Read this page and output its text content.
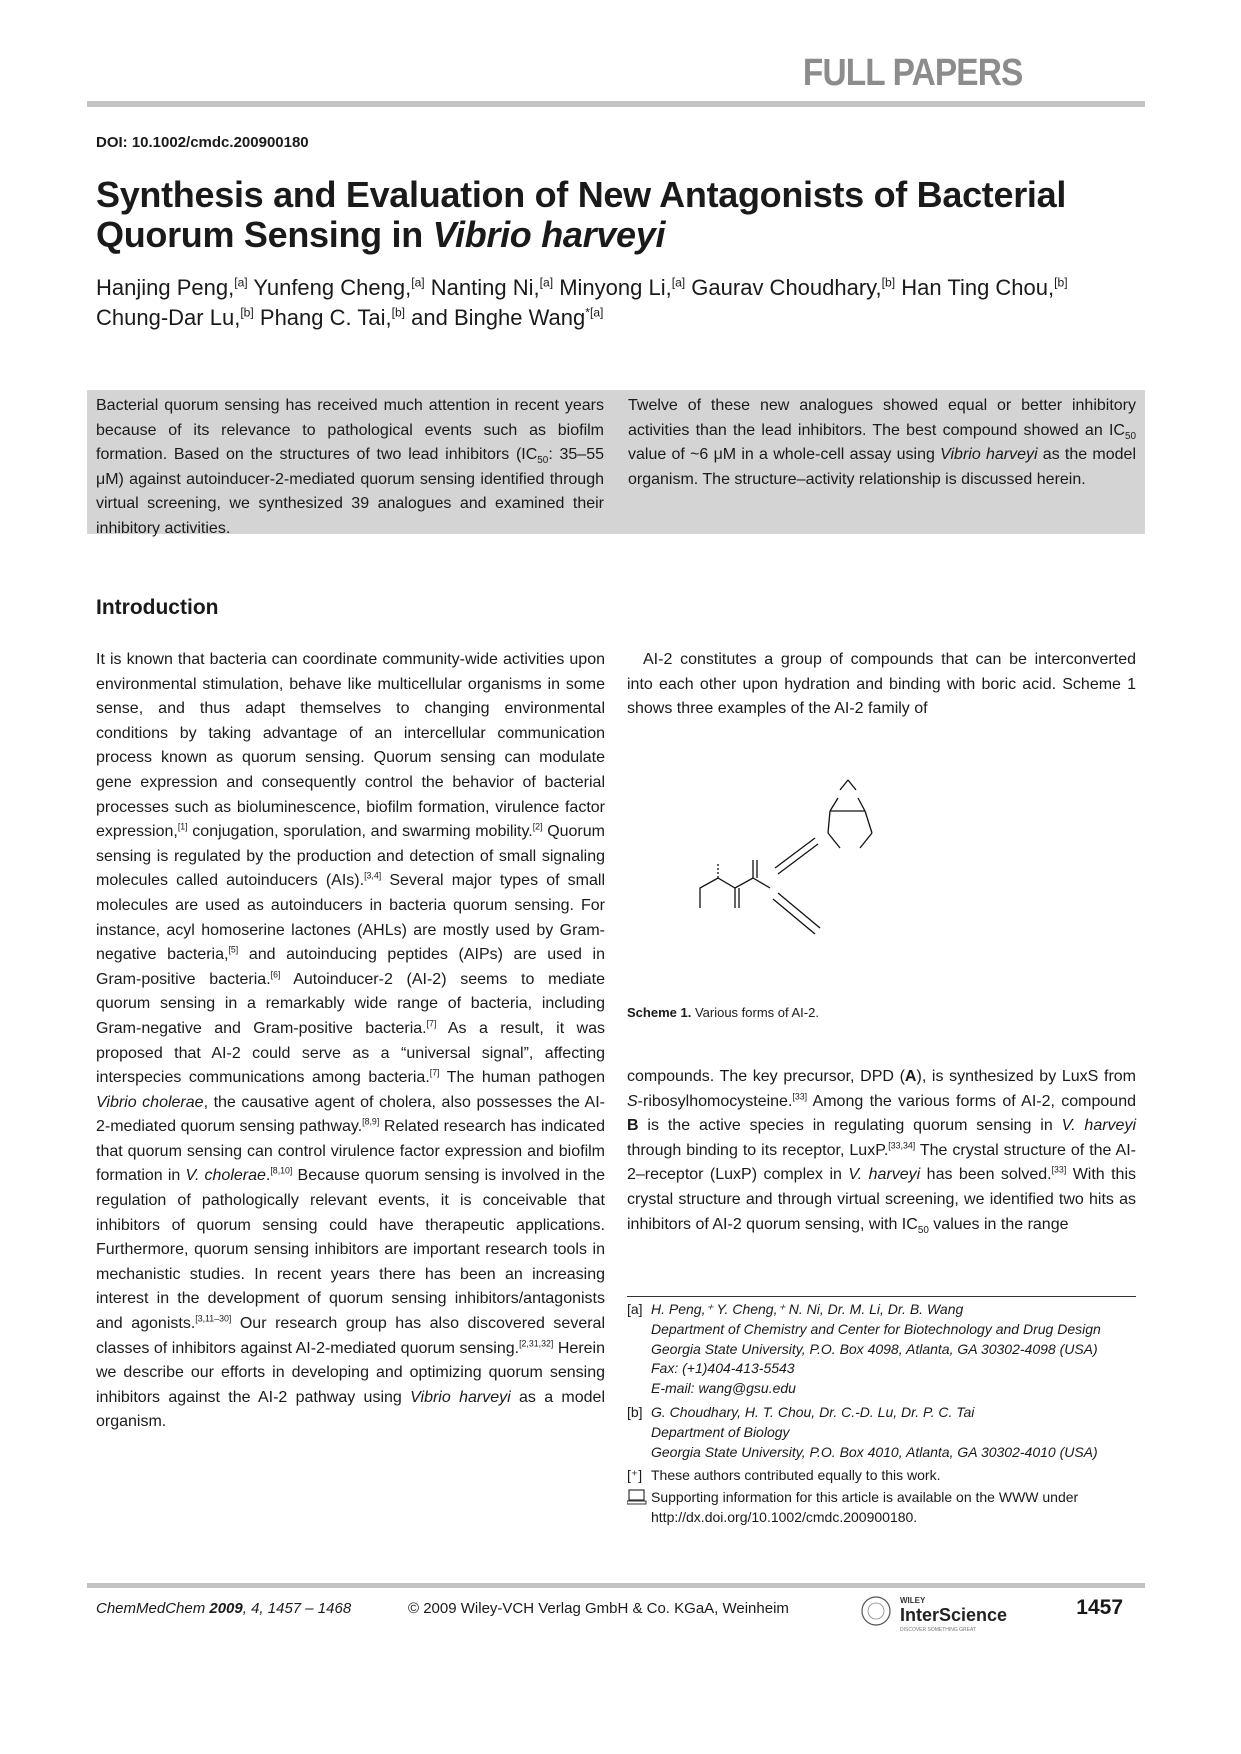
FULL PAPERS
DOI: 10.1002/cmdc.200900180
Synthesis and Evaluation of New Antagonists of Bacterial Quorum Sensing in Vibrio harveyi
Hanjing Peng,[a] Yunfeng Cheng,[a] Nanting Ni,[a] Minyong Li,[a] Gaurav Choudhary,[b] Han Ting Chou,[b] Chung-Dar Lu,[b] Phang C. Tai,[b] and Binghe Wang$^{*[a]}$
Bacterial quorum sensing has received much attention in recent years because of its relevance to pathological events such as biofilm formation. Based on the structures of two lead inhibitors ($IC_{50}$: 35–55 μM) against autoinducer-2-mediated quorum sensing identified through virtual screening, we synthesized 39 analogues and examined their inhibitory activities.
Twelve of these new analogues showed equal or better inhibitory activities than the lead inhibitors. The best compound showed an $IC_{50}$ value of ~6 μM in a whole-cell assay using Vibrio harveyi as the model organism. The structure–activity relationship is discussed herein.
Introduction

It is known that bacteria can coordinate community-wide activities upon environmental stimulation, behave like multicellular organisms in some sense, and thus adapt themselves to changing environmental conditions by taking advantage of an intercellular communication process known as quorum sensing. Quorum sensing can modulate gene expression and consequently control the behavior of bacterial processes such as bioluminescence, biofilm formation, virulence factor expression,[1] conjugation, sporulation, and swarming mobility.[2] Quorum sensing is regulated by the production and detection of small signaling molecules called autoinducers (AIs).[3,4] Several major types of small molecules are used as autoinducers in bacteria quorum sensing. For instance, acyl homoserine lactones (AHLs) are mostly used by Gram-negative bacteria,[5] and autoinducing peptides (AIPs) are used in Gram-positive bacteria.[6] Autoinducer-2 (AI-2) seems to mediate quorum sensing in a remarkably wide range of bacteria, including Gram-negative and Gram-positive bacteria.[7] As a result, it was proposed that AI-2 could serve as a “universal signal”, affecting interspecies communications among bacteria.[7] The human pathogen Vibrio cholerae, the causative agent of cholera, also possesses the AI-2-mediated quorum sensing pathway.[8,9] Related research has indicated that quorum sensing can control virulence factor expression and biofilm formation in V. cholerae.[8,10] Because quorum sensing is involved in the regulation of pathologically relevant events, it is conceivable that inhibitors of quorum sensing could have therapeutic applications. Furthermore, quorum sensing inhibitors are important research tools in mechanistic studies. In recent years there has been an increasing interest in the development of quorum sensing inhibitors/antagonists and agonists.[3,11–30] Our research group has also discovered several classes of inhibitors against AI-2-mediated quorum sensing.[2,31,32] Herein we describe our efforts in developing and optimizing quorum sensing inhibitors against the AI-2 pathway using Vibrio harveyi as a model organism.

AI-2 constitutes a group of compounds that can be interconverted into each other upon hydration and binding with boric acid. Scheme 1 shows three examples of the AI-2 family of

Scheme 1. Various forms of AI-2.

compounds. The key precursor, DPD (A), is synthesized by LuxS from S-ribosylhomocysteine.[33] Among the various forms of AI-2, compound B is the active species in regulating quorum sensing in V. harveyi through binding to its receptor, LuxP.[33,34] The crystal structure of the AI-2–receptor (LuxP) complex in V. harveyi has been solved.[33] With this crystal structure and through virtual screening, we identified two hits as inhibitors of AI-2 quorum sensing, with $IC_{50}$ values in the range

[a] H. Peng,⁺ Y. Cheng,⁺ N. Ni, Dr. M. Li, Dr. B. Wang
Department of Chemistry and Center for Biotechnology and Drug Design
Georgia State University, P.O. Box 4098, Atlanta, GA 30302-4098 (USA)
Fax: (+1)404-413-5543
E-mail: wang@gsu.edu
[b] G. Choudhary, H. T. Chou, Dr. C.-D. Lu, Dr. P. C. Tai
Department of Biology
Georgia State University, P.O. Box 4010, Atlanta, GA 30302-4010 (USA)
[⁺] These authors contributed equally to this work.
Supporting information for this article is available on the WWW under http://dx.doi.org/10.1002/cmdc.200900180.
ChemMedChem 2009, 4, 1457 – 1468	© 2009 Wiley-VCH Verlag GmbH & Co. KGaA, Weinheim	WILEY
InterScience
DISCOVER SOMETHING GREAT
1457
